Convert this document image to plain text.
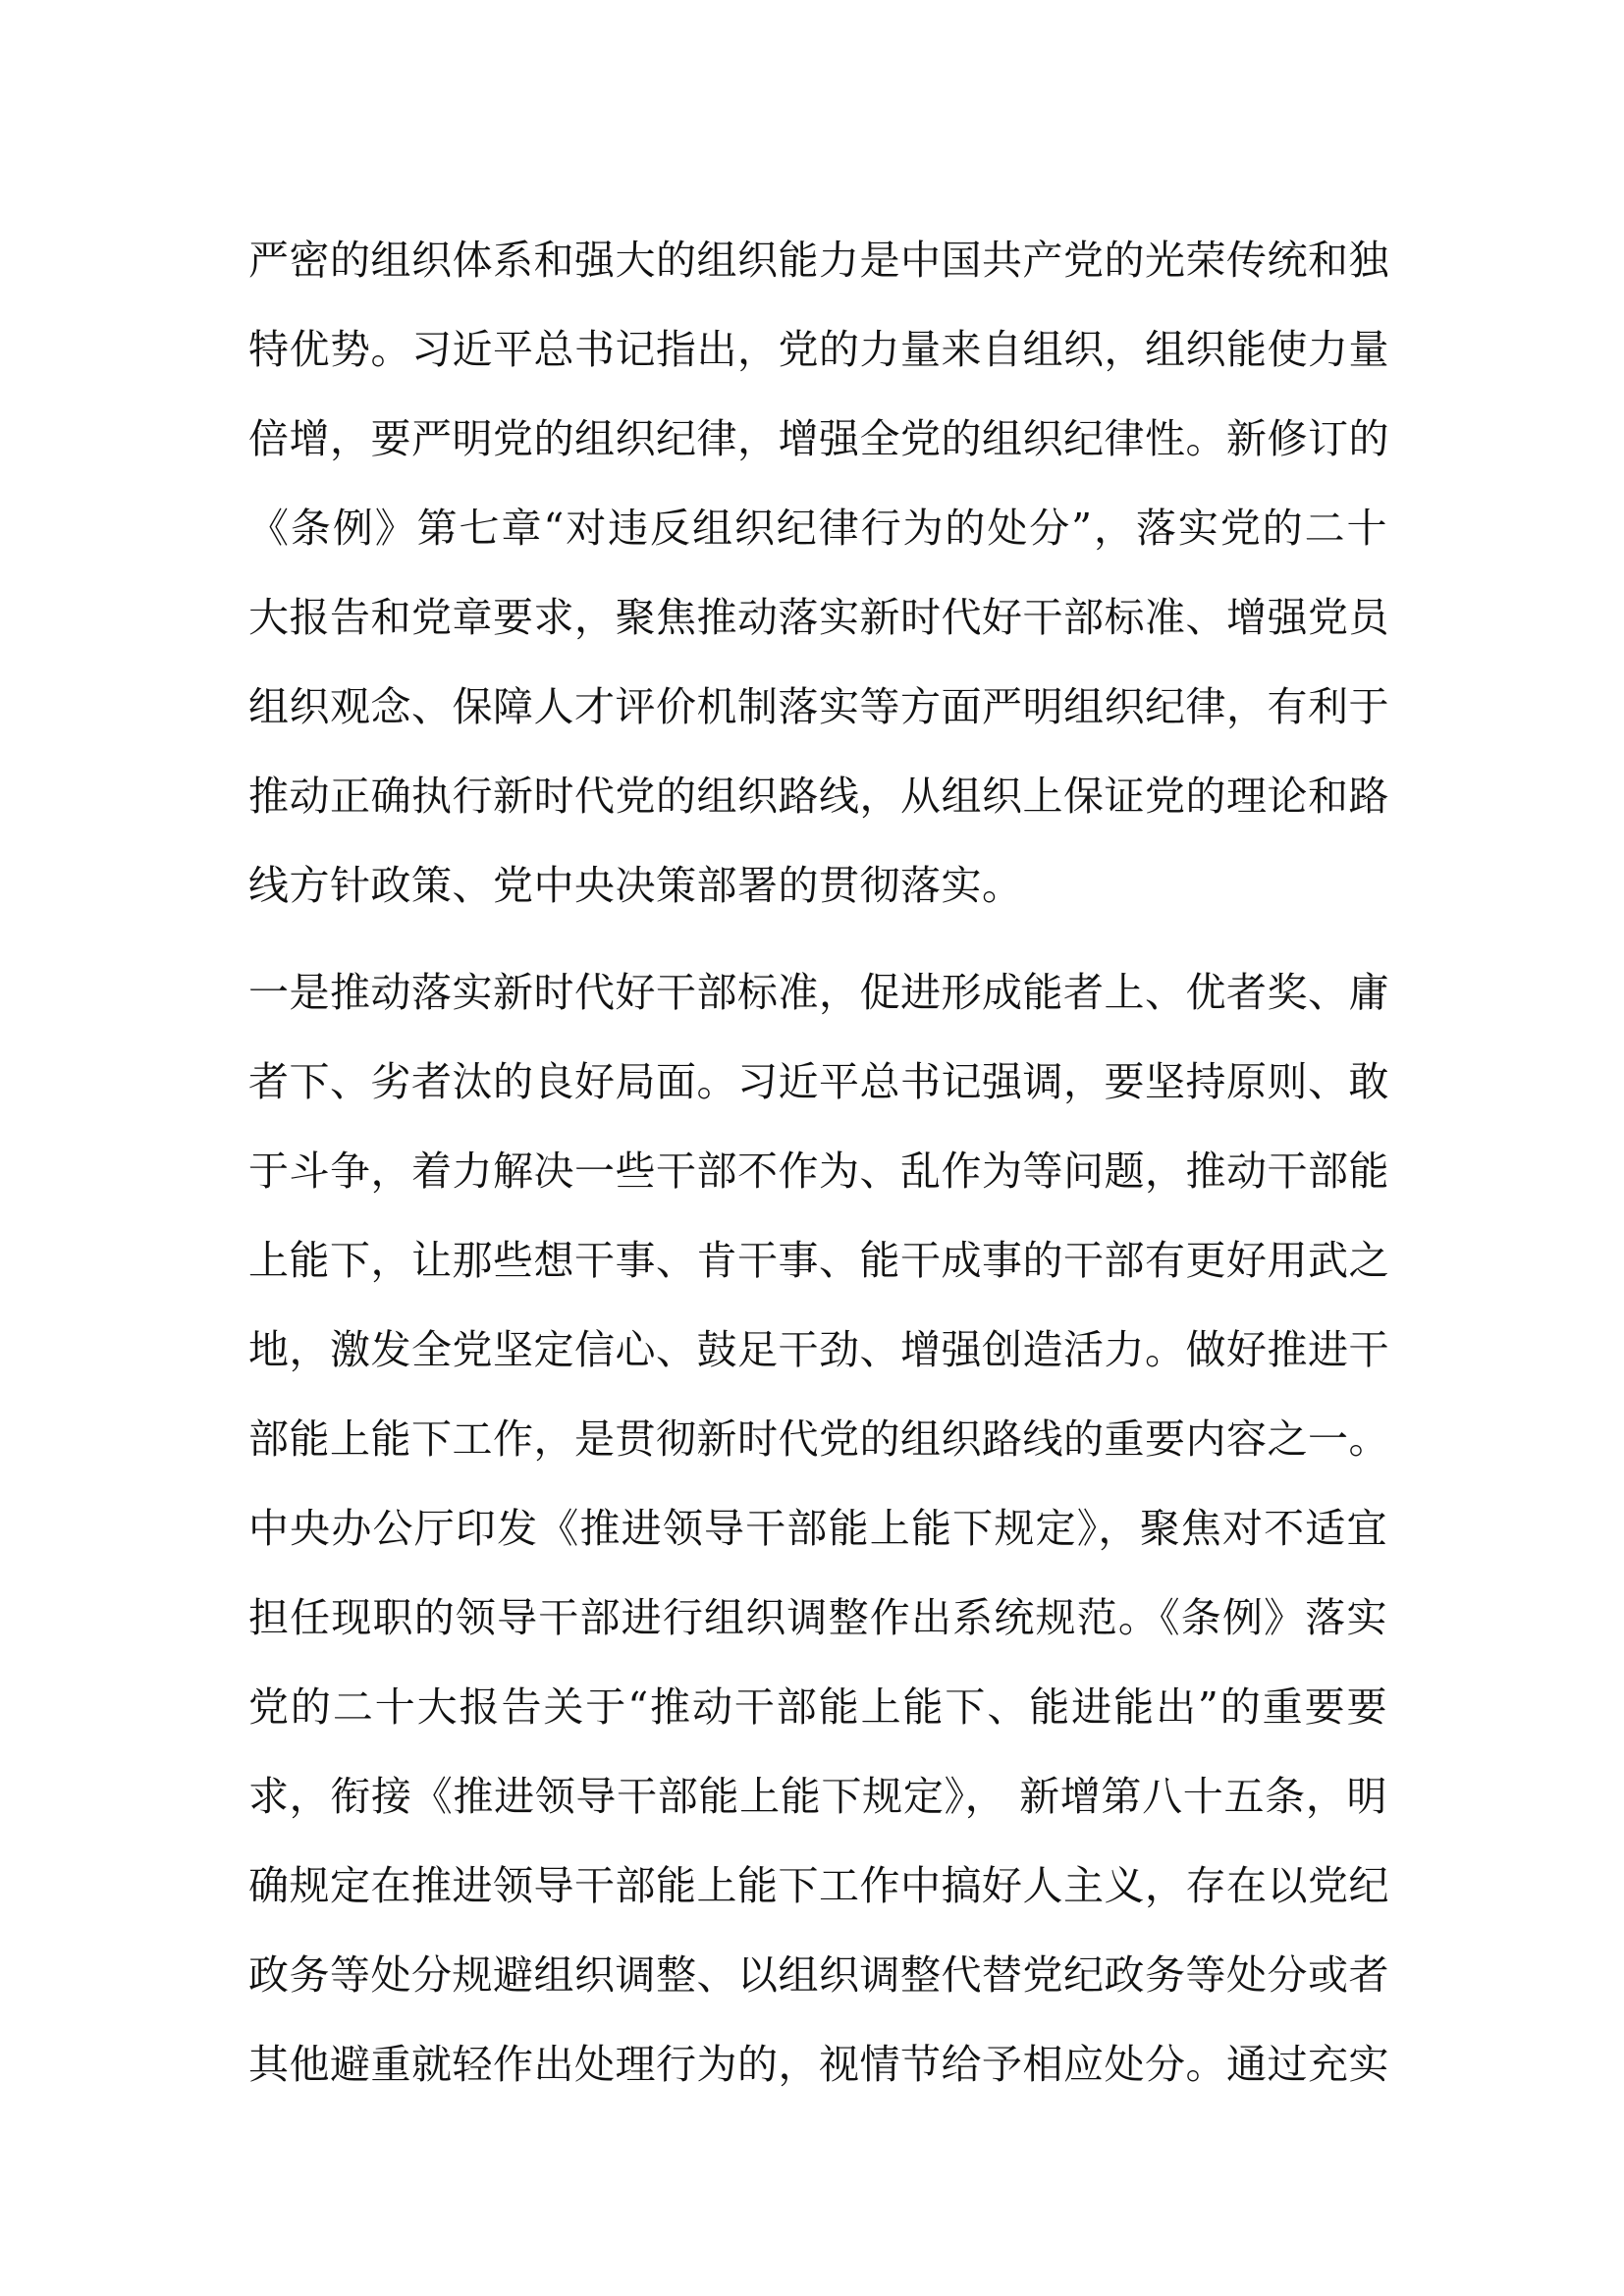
严密的组织体系和强大的组织能力是中国共产党的光荣传统和独
特优势。习近平总书记指出，党的力量来自组织，组织能使力量
倍增，要严明党的组织纪律，增强全党的组织纪律性。新修订的
《条例》第七章“对违反组织纪律行为的处分”，落实党的二十
大报告和党章要求，聚焦推动落实新时代好干部标准、增强党员
组织观念、保障人才评价机制落实等方面严明组织纪律，有利于
推动正确执行新时代党的组织路线，从组织上保证党的理论和路
线方针政策、党中央决策部署的贯彻落实。
一是推动落实新时代好干部标准，促进形成能者上、优者奖、庸
者下、劣者汰的良好局面。习近平总书记强调，要坚持原则、敢
于斗争，着力解决一些干部不作为、乱作为等问题，推动干部能
上能下，让那些想干事、肯干事、能干成事的干部有更好用武之
地，激发全党坚定信心、鼓足干劲、增强创造活力。做好推进干
部能上能下工作，是贯彻新时代党的组织路线的重要内容之一。
中央办公厅印发《推进领导干部能上能下规定》，聚焦对不适宜
担任现职的领导干部进行组织调整作出系统规范。《条例》落实
党的二十大报告关于“推动干部能上能下、能进能出”的重要要
求，衔接《推进领导干部能上能下规定》， 新增第八十五条，明
确规定在推进领导干部能上能下工作中搞好人主义，存在以党纪
政务等处分规避组织调整、以组织调整代替党纪政务等处分或者
其他避重就轻作出处理行为的，视情节给予相应处分。通过充实
